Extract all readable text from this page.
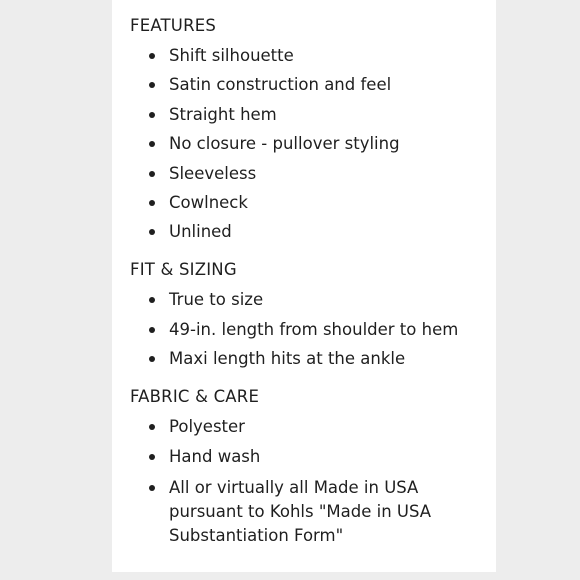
FEATURES
Shift silhouette
Satin construction and feel
Straight hem
No closure - pullover styling
Sleeveless
Cowlneck
Unlined
FIT & SIZING
True to size
49-in. length from shoulder to hem
Maxi length hits at the ankle
FABRIC & CARE
Polyester
Hand wash
All or virtually all Made in USA pursuant to Kohls "Made in USA Substantiation Form"
